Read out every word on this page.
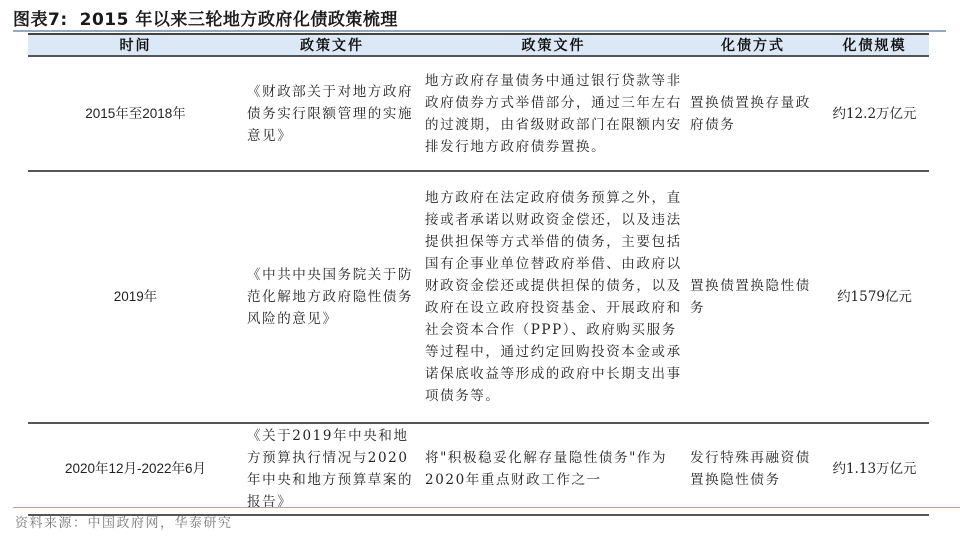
图表7: 2015 年以来三轮地方政府化债政策梳理
时间	政策文件	政策文件	化债方式	化债规模
2015年至2018年	《财政部关于对地方政府债务实行限额管理的实施意见》	地方政府存量债务中通过银行贷款等非政府债券方式举借部分，通过三年左右的过渡期，由省级财政部门在限额内安排发行地方政府债券置换。	置换债置换存量政府债务	约12.2万亿元
2019年	《中共中央国务院关于防范化解地方政府隐性债务风险的意见》	地方政府在法定政府债务预算之外，直接或者承诺以财政资金偿还，以及违法提供担保等方式举借的债务，主要包括国有企事业单位替政府举借、由政府以财政资金偿还或提供担保的债务，以及政府在设立政府投资基金、开展政府和社会资本合作（PPP）、政府购买服务等过程中，通过约定回购投资本金或承诺保底收益等形成的政府中长期支出事项债务等。	置换债置换隐性债务	约1579亿元
2020年12月-2022年6月	《关于2019年中央和地方预算执行情况与2020年中央和地方预算草案的报告》	将"积极稳妥化解存量隐性债务"作为2020年重点财政工作之一	发行特殊再融资债置换隐性债务	约1.13万亿元
资料来源：中国政府网，华泰研究
